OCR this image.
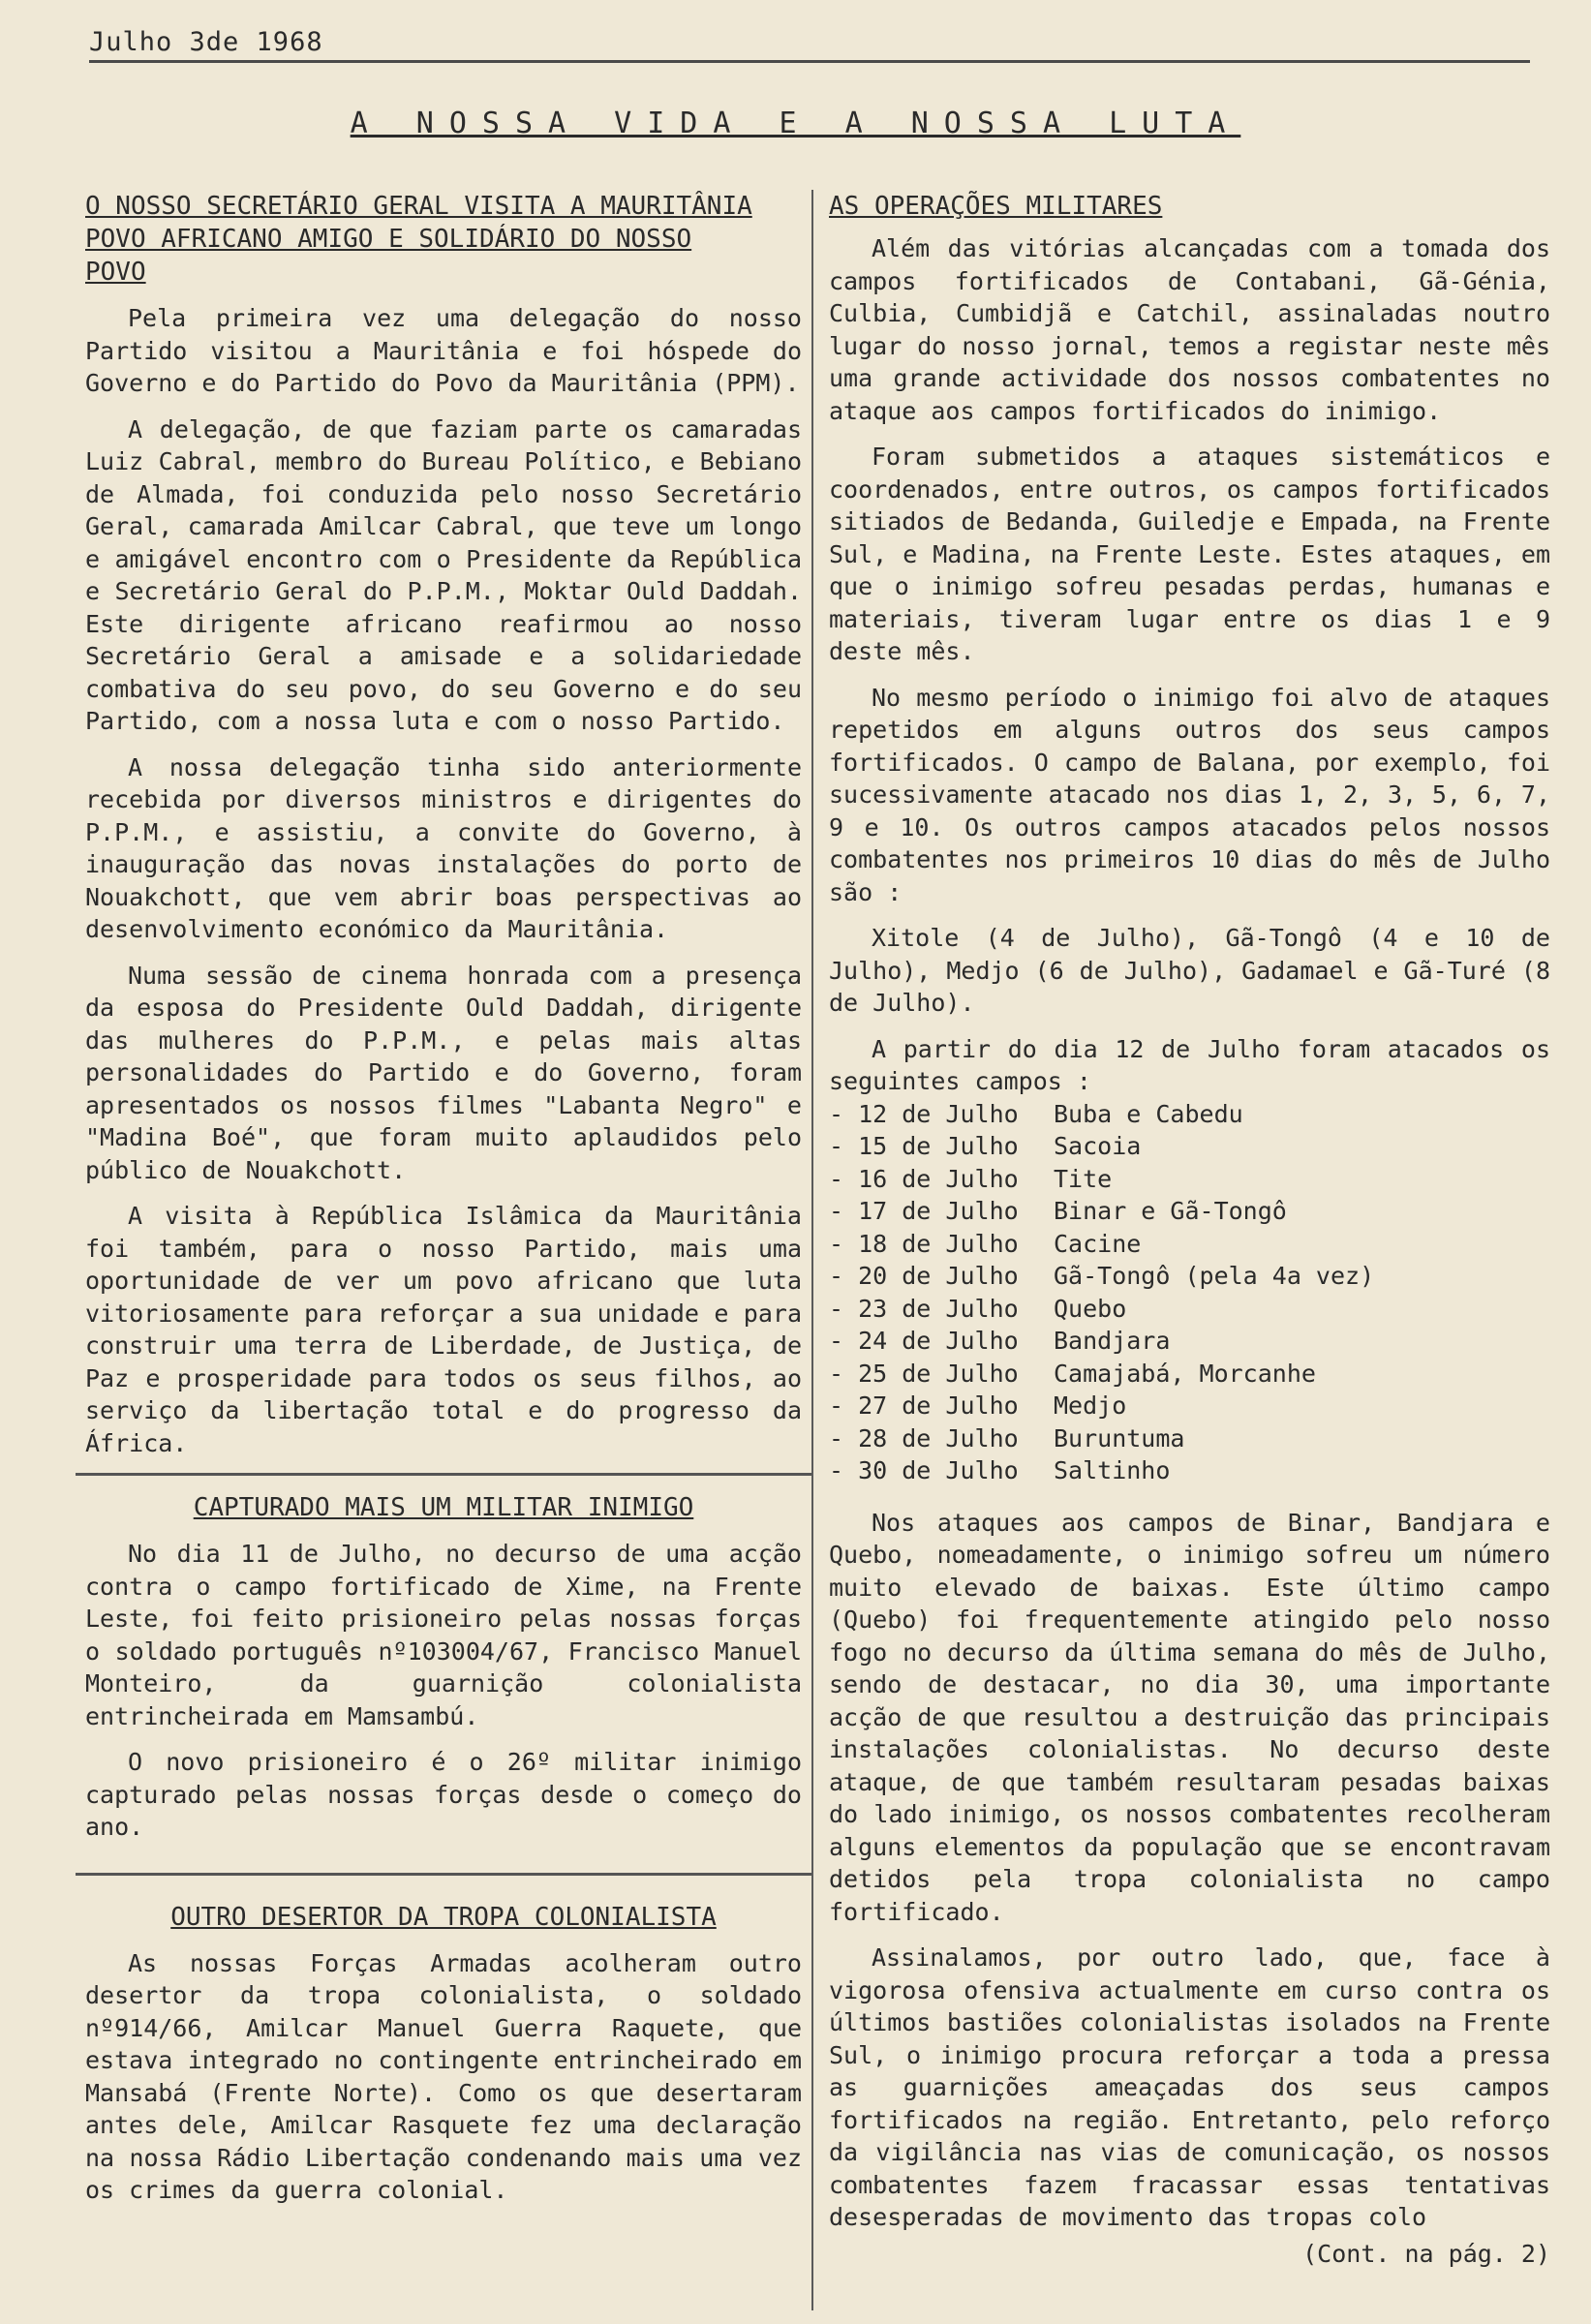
Julho 3de 1968
A NOSSA VIDA E A NOSSA LUTA
O NOSSO SECRETÁRIO GERAL VISITA A MAURITÂNIA POVO AFRICANO AMIGO E SOLIDÁRIO DO NOSSO POVO

Pela primeira vez uma delegação do nosso Partido visitou a Mauritânia e foi hóspede do Governo e do Partido do Povo da Mauritânia (PPM).

A delegação, de que faziam parte os camaradas Luiz Cabral, membro do Bureau Político, e Bebiano de Almada, foi conduzida pelo nosso Secretário Geral, camarada Amilcar Cabral, que teve um longo e amigável encontro com o Presidente da República e Secretário Geral do P.P.M., Moktar Ould Daddah. Este dirigente africano reafirmou ao nosso Secretário Geral a amisade e a solidariedade combativa do seu povo, do seu Governo e do seu Partido, com a nossa luta e com o nosso Partido.

A nossa delegação tinha sido anteriormente recebida por diversos ministros e dirigentes do P.P.M., e assistiu, a convite do Governo, à inauguração das novas instalações do porto de Nouakchott, que vem abrir boas perspectivas ao desenvolvimento económico da Mauritânia.

Numa sessão de cinema honrada com a presença da esposa do Presidente Ould Daddah, dirigente das mulheres do P.P.M., e pelas mais altas personalidades do Partido e do Governo, foram apresentados os nossos filmes "Labanta Negro" e "Madina Boé", que foram muito aplaudidos pelo público de Nouakchott.

A visita à República Islâmica da Mauritânia foi também, para o nosso Partido, mais uma oportunidade de ver um povo africano que luta vitoriosamente para reforçar a sua unidade e para construir uma terra de Liberdade, de Justiça, de Paz e prosperidade para todos os seus filhos, ao serviço da libertação total e do progresso da África.

CAPTURADO MAIS UM MILITAR INIMIGO

No dia 11 de Julho, no decurso de uma acção contra o campo fortificado de Xime, na Frente Leste, foi feito prisioneiro pelas nossas forças o soldado português nº103004/67, Francisco Manuel Monteiro, da guarnição colonialista entrincheirada em Mamsambú.

O novo prisioneiro é o 26º militar inimigo capturado pelas nossas forças desde o começo do ano.

OUTRO DESERTOR DA TROPA COLONIALISTA

As nossas Forças Armadas acolheram outro desertor da tropa colonialista, o soldado nº914/66, Amilcar Manuel Guerra Raquete, que estava integrado no contingente entrincheirado em Mansabá (Frente Norte). Como os que desertaram antes dele, Amilcar Rasquete fez uma declaração na nossa Rádio Libertação condenando mais uma vez os crimes da guerra colonial.

AS OPERAÇÕES MILITARES

Além das vitórias alcançadas com a tomada dos campos fortificados de Contabani, Gã-Génia, Culbia, Cumbidjã e Catchil, assinaladas noutro lugar do nosso jornal, temos a registar neste mês uma grande actividade dos nossos combatentes no ataque aos campos fortificados do inimigo.

Foram submetidos a ataques sistemáticos e coordenados, entre outros, os campos fortificados sitiados de Bedanda, Guiledje e Empada, na Frente Sul, e Madina, na Frente Leste. Estes ataques, em que o inimigo sofreu pesadas perdas, humanas e materiais, tiveram lugar entre os dias 1 e 9 deste mês.

No mesmo período o inimigo foi alvo de ataques repetidos em alguns outros dos seus campos fortificados. O campo de Balana, por exemplo, foi sucessivamente atacado nos dias 1, 2, 3, 5, 6, 7, 9 e 10. Os outros campos atacados pelos nossos combatentes nos primeiros 10 dias do mês de Julho são :

Xitole (4 de Julho), Gã-Tongô (4 e 10 de Julho), Medjo (6 de Julho), Gadamael e Gã-Turé (8 de Julho).

A partir do dia 12 de Julho foram atacados os seguintes campos :

- 12 de Julho	Buba e Cabedu
- 15 de Julho	Sacoia
- 16 de Julho	Tite
- 17 de Julho	Binar e Gã-Tongô
- 18 de Julho	Cacine
- 20 de Julho	Gã-Tongô (pela 4a vez)
- 23 de Julho	Quebo
- 24 de Julho	Bandjara
- 25 de Julho	Camajabá, Morcanhe
- 27 de Julho	Medjo
- 28 de Julho	Buruntuma
- 30 de Julho	Saltinho

Nos ataques aos campos de Binar, Bandjara e Quebo, nomeadamente, o inimigo sofreu um número muito elevado de baixas. Este último campo (Quebo) foi frequentemente atingido pelo nosso fogo no decurso da última semana do mês de Julho, sendo de destacar, no dia 30, uma importante acção de que resultou a destruição das principais instalações colonialistas. No decurso deste ataque, de que também resultaram pesadas baixas do lado inimigo, os nossos combatentes recolheram alguns elementos da população que se encontravam detidos pela tropa colonialista no campo fortificado.

Assinalamos, por outro lado, que, face à vigorosa ofensiva actualmente em curso contra os últimos bastiões colonialistas isolados na Frente Sul, o inimigo procura reforçar a toda a pressa as guarnições ameaçadas dos seus campos fortificados na região. Entretanto, pelo reforço da vigilância nas vias de comunicação, os nossos combatentes fazem fracassar essas tentativas desesperadas de movimento das tropas colo

(Cont. na pág. 2)
